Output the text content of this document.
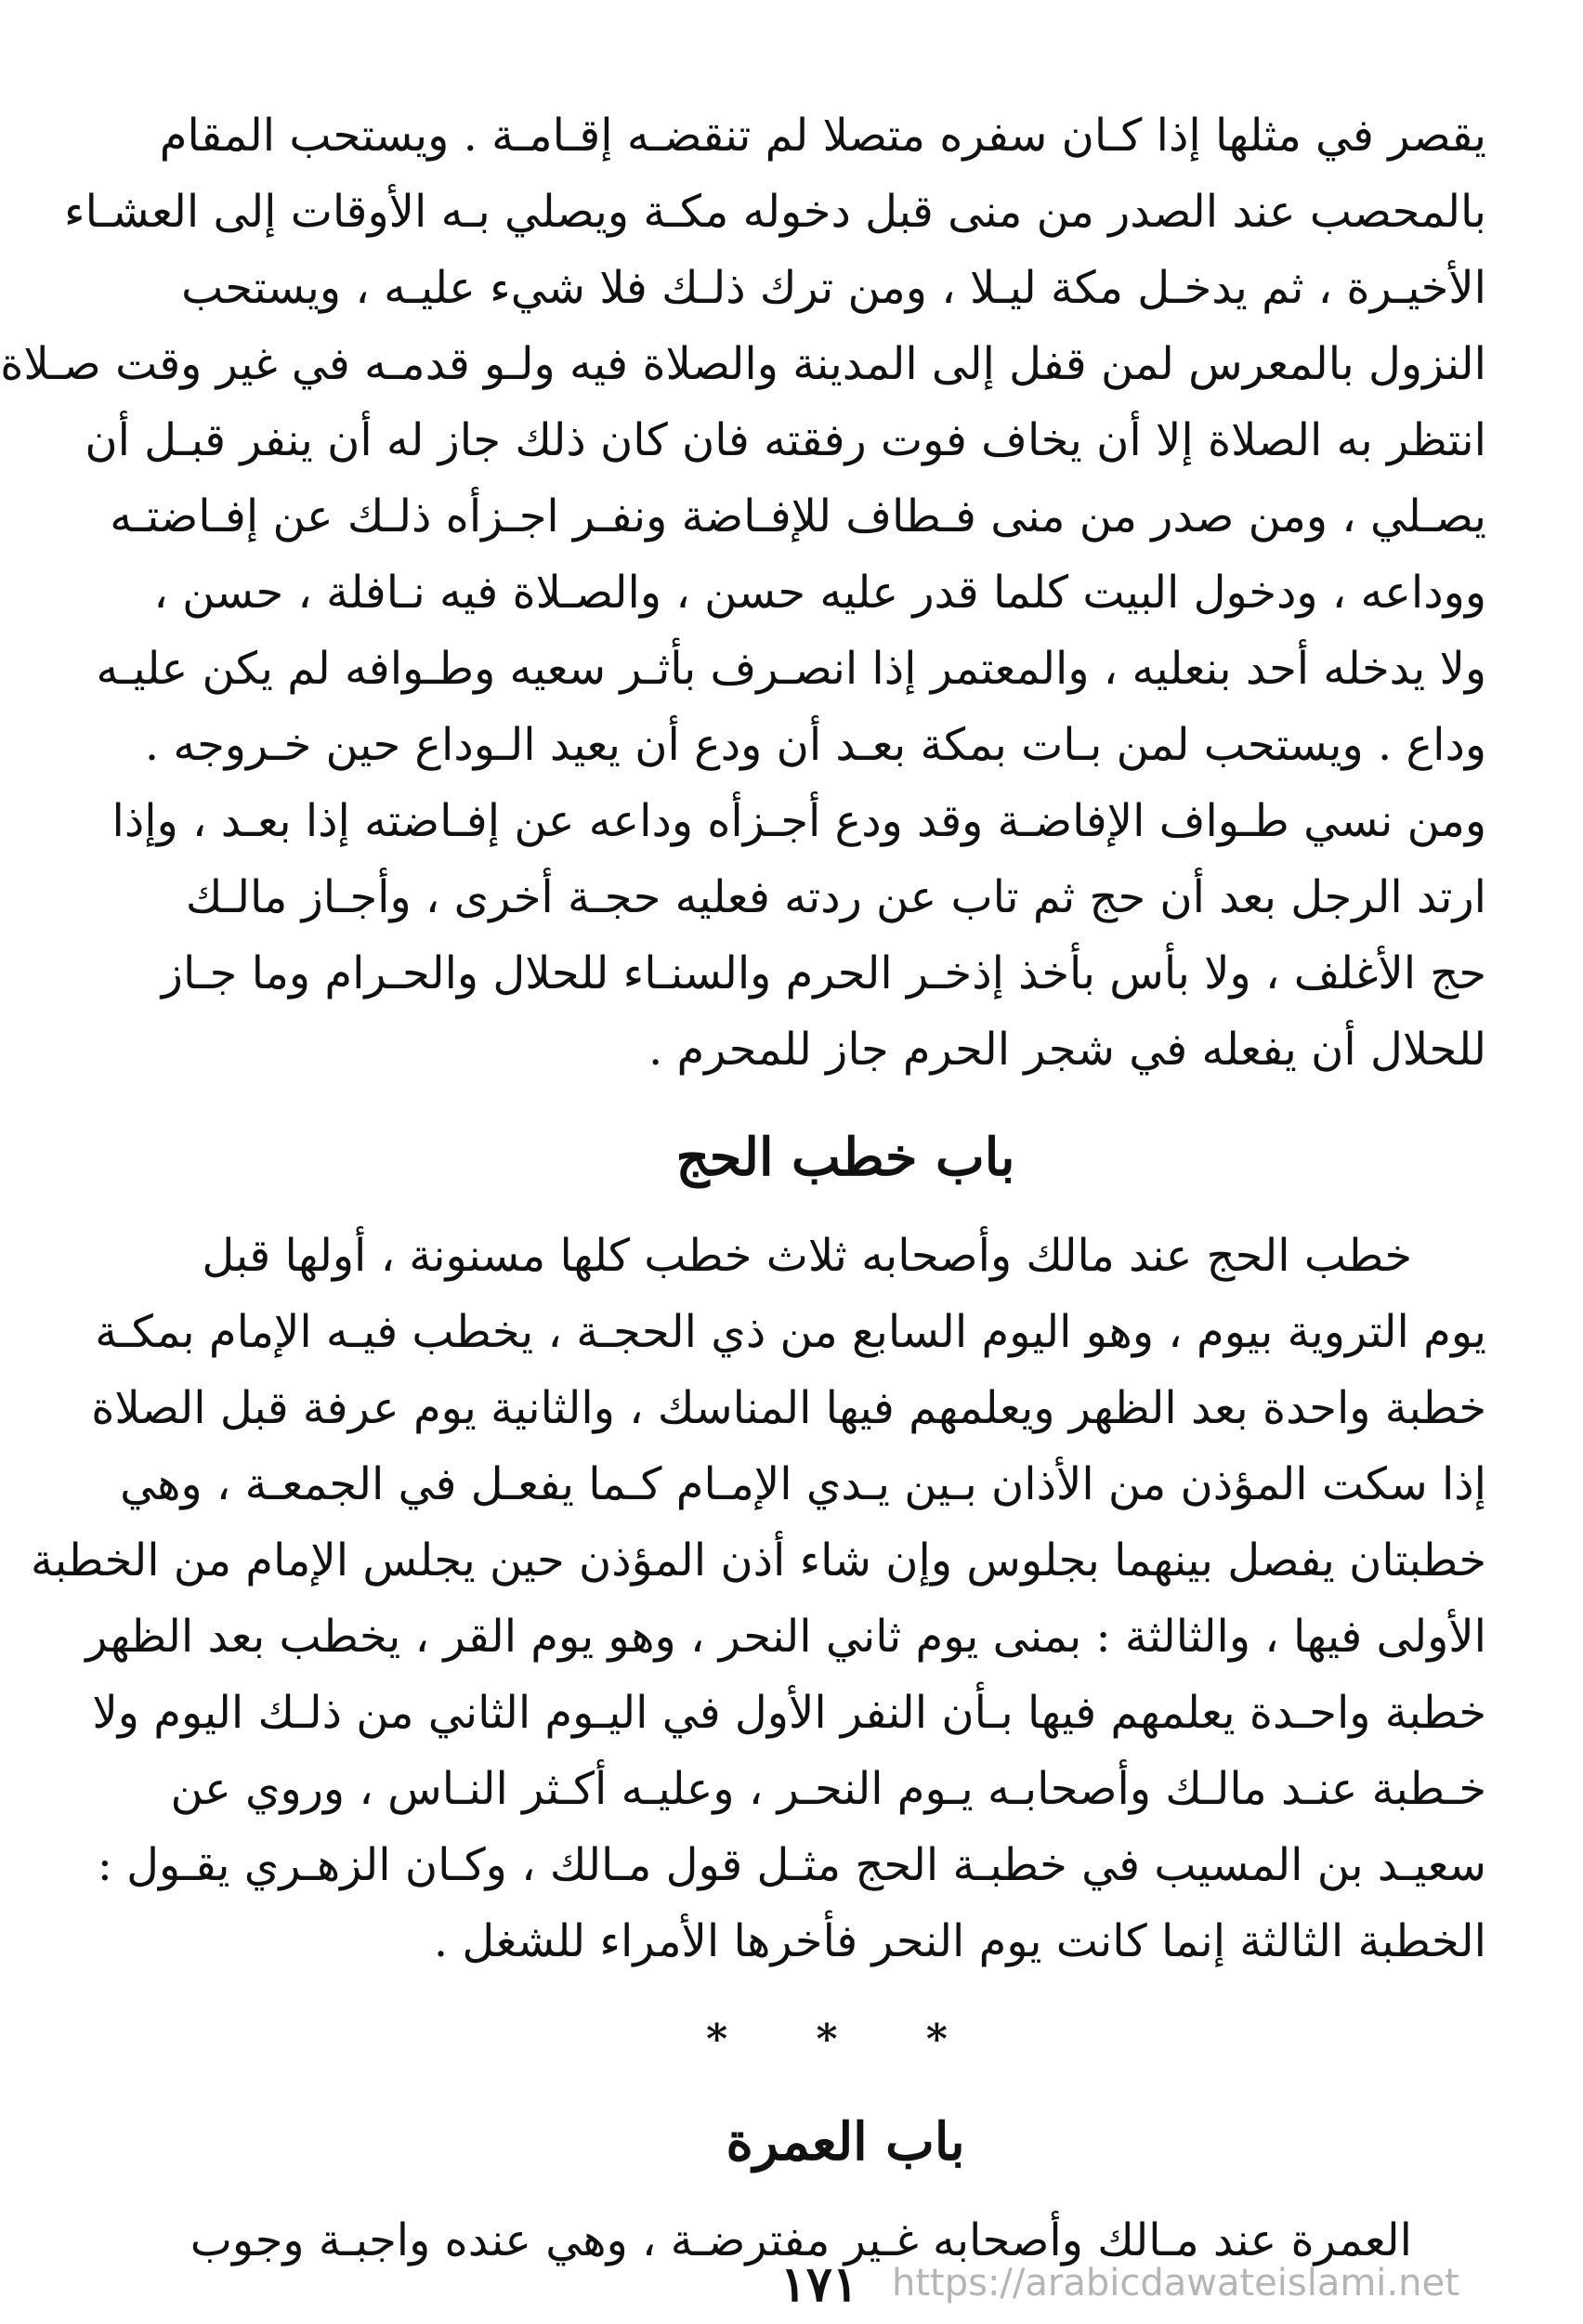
يقصر في مثلها إذا كـان سفره متصلا لم تنقضـه إقـامـة . ويستحب المقام
بالمحصب عند الصدر من منى قبل دخوله مكـة ويصلي بـه الأوقات إلى العشـاء
الأخيـرة ، ثم يدخـل مكة ليـلا ، ومن ترك ذلـك فلا شيء عليـه ، ويستحب
النزول بالمعرس لمن قفل إلى المدينة والصلاة فيه ولـو قدمـه في غير وقت صـلاة
انتظر به الصلاة إلا أن يخاف فوت رفقته فان كان ذلك جاز له أن ينفر قبـل أن
يصـلي ، ومن صدر من منى فـطاف للإفـاضة ونفـر اجـزأه ذلـك عن إفـاضتـه
ووداعه ، ودخول البيت كلما قدر عليه حسن ، والصـلاة فيه نـافلة ، حسن ،
ولا يدخله أحد بنعليه ، والمعتمر إذا انصـرف بأثـر سعيه وطـوافه لم يكن عليـه
وداع . ويستحب لمن بـات بمكة بعـد أن ودع أن يعيد الـوداع حين خـروجه .
ومن نسي طـواف الإفاضـة وقد ودع أجـزأه وداعه عن إفـاضته إذا بعـد ، وإذا
ارتد الرجل بعد أن حج ثم تاب عن ردته فعليه حجـة أخرى ، وأجـاز مالـك
حج الأغلف ، ولا بأس بأخذ إذخـر الحرم والسنـاء للحلال والحـرام وما جـاز
للحلال أن يفعله في شجر الحرم جاز للمحرم .

باب خطب الحج

خطب الحج عند مالك وأصحابه ثلاث خطب كلها مسنونة ، أولها قبل
يوم التروية بيوم ، وهو اليوم السابع من ذي الحجـة ، يخطب فيـه الإمام بمكـة
خطبة واحدة بعد الظهر ويعلمهم فيها المناسك ، والثانية يوم عرفة قبل الصلاة
إذا سكت المؤذن من الأذان بـين يـدي الإمـام كـما يفعـل في الجمعـة ، وهي
خطبتان يفصل بينهما بجلوس وإن شاء أذن المؤذن حين يجلس الإمام من الخطبة
الأولى فيها ، والثالثة : بمنى يوم ثاني النحر ، وهو يوم القر ، يخطب بعد الظهر
خطبة واحـدة يعلمهم فيها بـأن النفر الأول في اليـوم الثاني من ذلـك اليوم ولا
خـطبة عنـد مالـك وأصحابـه يـوم النحـر ، وعليـه أكـثر النـاس ، وروي عن
سعيـد بن المسيب في خطبـة الحج مثـل قول مـالك ، وكـان الزهـري يقـول :
الخطبة الثالثة إنما كانت يوم النحر فأخرها الأمراء للشغل .

* * *
باب العمرة

العمرة عند مـالك وأصحابه غـير مفترضـة ، وهي عنده واجبـة وجوب

https://arabicdawateislami.net
١٧١
